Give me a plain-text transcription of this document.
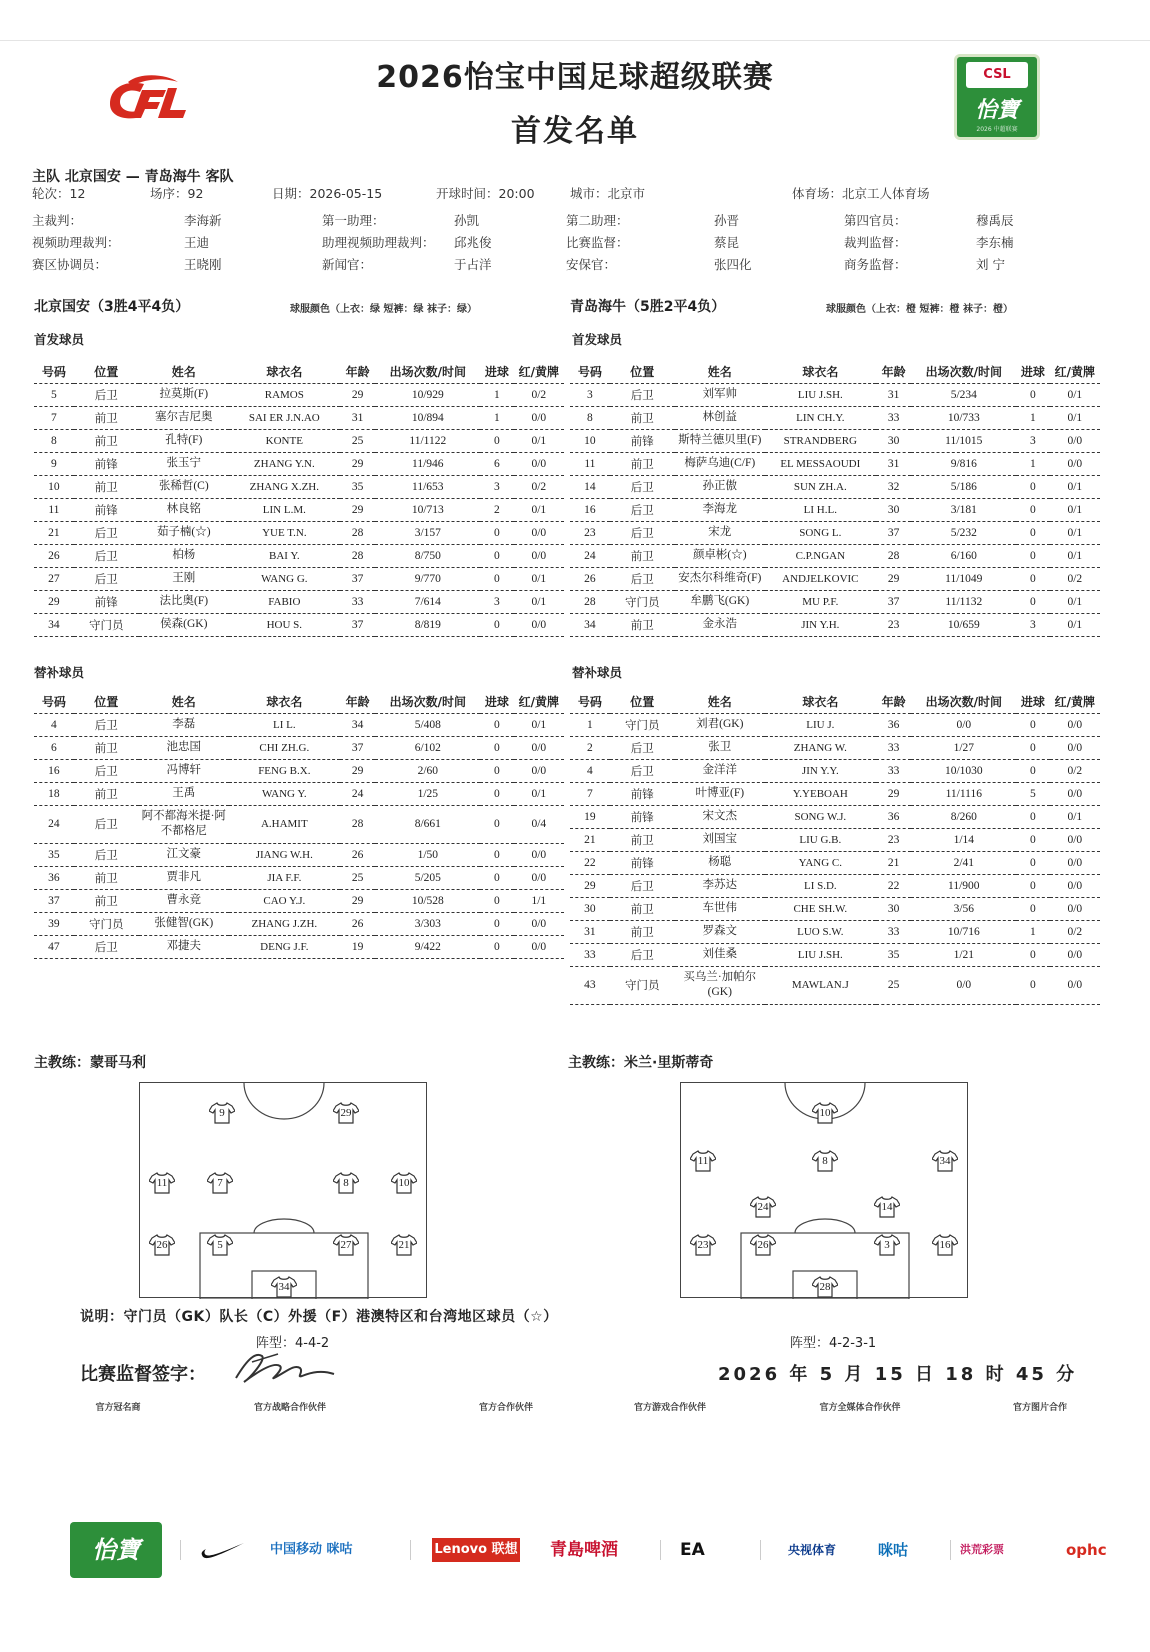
CSL
怡寶
2026 中超联赛
2026怡宝中国足球超级联赛
首发名单
主队 北京国安 — 青岛海牛 客队
轮次：12	场序：92	日期：2026-05-15	开球时间：20:00	城市：北京市	体育场：北京工人体育场
主裁判：	李海新	第一助理：	孙凯	第二助理：	孙晋	第四官员：	穆禹辰
视频助理裁判：	王迪	助理视频助理裁判： 邱兆俊	比赛监督：	蔡昆	裁判监督：	李东楠
赛区协调员：	王晓刚	新闻官：	于占洋	安保官：	张四化	商务监督：	刘 宁
北京国安（3胜4平4负）	球服颜色（上衣：绿 短裤：绿 袜子：绿）	青岛海牛（5胜2平4负）	球服颜色（上衣：橙 短裤：橙 袜子：橙）
首发球员	首发球员
替补球员	替补球员
号码	位置	姓名	球衣名	年龄	出场次数/时间	进球	红/黄牌
5	后卫	拉莫斯(F)	RAMOS	29	10/929	1	0/2
7	前卫	塞尔吉尼奥	SAI ER J.N.AO	31	10/894	1	0/0
8	前卫	孔特(F)	KONTE	25	11/1122	0	0/1
9	前锋	张玉宁	ZHANG Y.N.	29	11/946	6	0/0
10	前卫	张稀哲(C)	ZHANG X.ZH.	35	11/653	3	0/2
11	前锋	林良铭	LIN L.M.	29	10/713	2	0/1
21	后卫	茹子楠(☆)	YUE T.N.	28	3/157	0	0/0
26	后卫	柏杨	BAI Y.	28	8/750	0	0/0
27	后卫	王刚	WANG G.	37	9/770	0	0/1
29	前锋	法比奥(F)	FABIO	33	7/614	3	0/1
34	守门员	侯森(GK)	HOU S.	37	8/819	0	0/0
号码	位置	姓名	球衣名	年龄	出场次数/时间	进球	红/黄牌
3	后卫	刘军帅	LIU J.SH.	31	5/234	0	0/1
8	前卫	林创益	LIN CH.Y.	33	10/733	1	0/1
10	前锋	斯特兰德贝里(F)	STRANDBERG	30	11/1015	3	0/0
11	前卫	梅萨乌迪(C/F)	EL MESSAOUDI	31	9/816	1	0/0
14	后卫	孙正傲	SUN ZH.A.	32	5/186	0	0/1
16	后卫	李海龙	LI H.L.	30	3/181	0	0/1
23	后卫	宋龙	SONG L.	37	5/232	0	0/1
24	前卫	颜卓彬(☆)	C.P.NGAN	28	6/160	0	0/1
26	后卫	安杰尔科维奇(F)	ANDJELKOVIC	29	11/1049	0	0/2
28	守门员	牟鹏飞(GK)	MU P.F.	37	11/1132	0	0/1
34	前卫	金永浩	JIN Y.H.	23	10/659	3	0/1
号码	位置	姓名	球衣名	年龄	出场次数/时间	进球	红/黄牌
4	后卫	李磊	LI L.	34	5/408	0	0/1
6	前卫	池忠国	CHI ZH.G.	37	6/102	0	0/0
16	后卫	冯博轩	FENG B.X.	29	2/60	0	0/0
18	前卫	王禹	WANG Y.	24	1/25	0	0/1
24	后卫	阿不都海米提·阿不都格尼	A.HAMIT	28	8/661	0	0/4
35	后卫	江文豪	JIANG W.H.	26	1/50	0	0/0
36	前卫	贾非凡	JIA F.F.	25	5/205	0	0/0
37	前卫	曹永竞	CAO Y.J.	29	10/528	0	1/1
39	守门员	张健智(GK)	ZHANG J.ZH.	26	3/303	0	0/0
47	后卫	邓捷夫	DENG J.F.	19	9/422	0	0/0
号码	位置	姓名	球衣名	年龄	出场次数/时间	进球	红/黄牌
1	守门员	刘君(GK)	LIU J.	36	0/0	0	0/0
2	后卫	张卫	ZHANG W.	33	1/27	0	0/0
4	后卫	金洋洋	JIN Y.Y.	33	10/1030	0	0/2
7	前锋	叶博亚(F)	Y.YEBOAH	29	11/1116	5	0/0
19	前锋	宋文杰	SONG W.J.	36	8/260	0	0/1
21	前卫	刘国宝	LIU G.B.	23	1/14	0	0/0
22	前锋	杨聪	YANG C.	21	2/41	0	0/0
29	后卫	李苏达	LI S.D.	22	11/900	0	0/0
30	前卫	车世伟	CHE SH.W.	30	3/56	0	0/0
31	前卫	罗森文	LUO S.W.	33	10/716	1	0/2
33	后卫	刘佳桑	LIU J.SH.	35	1/21	0	0/0
43	守门员	买乌兰·加帕尔(GK)	MAWLAN.J	25	0/0	0	0/0
主教练：蒙哥马利	主教练：米兰·里斯蒂奇
9	29
11	7	8	10
26	5	27	21
34
10
11	8	34
24	14
23	26	3	16
28
阵型：4-4-2	阵型：4-2-3-1
说明：守门员（GK）队长（C）外援（F）港澳特区和台湾地区球员（☆）
比赛监督签字：	2026 年 5 月 15 日 18 时 45 分
官方冠名商	官方战略合作伙伴	官方合作伙伴	官方游戏合作伙伴	官方全媒体合作伙伴	官方图片合作
怡寶	中国移动 咪咕	Lenovo 联想 青島啤酒	EA	央视体育	咪咕	洪荒彩票	ophc
